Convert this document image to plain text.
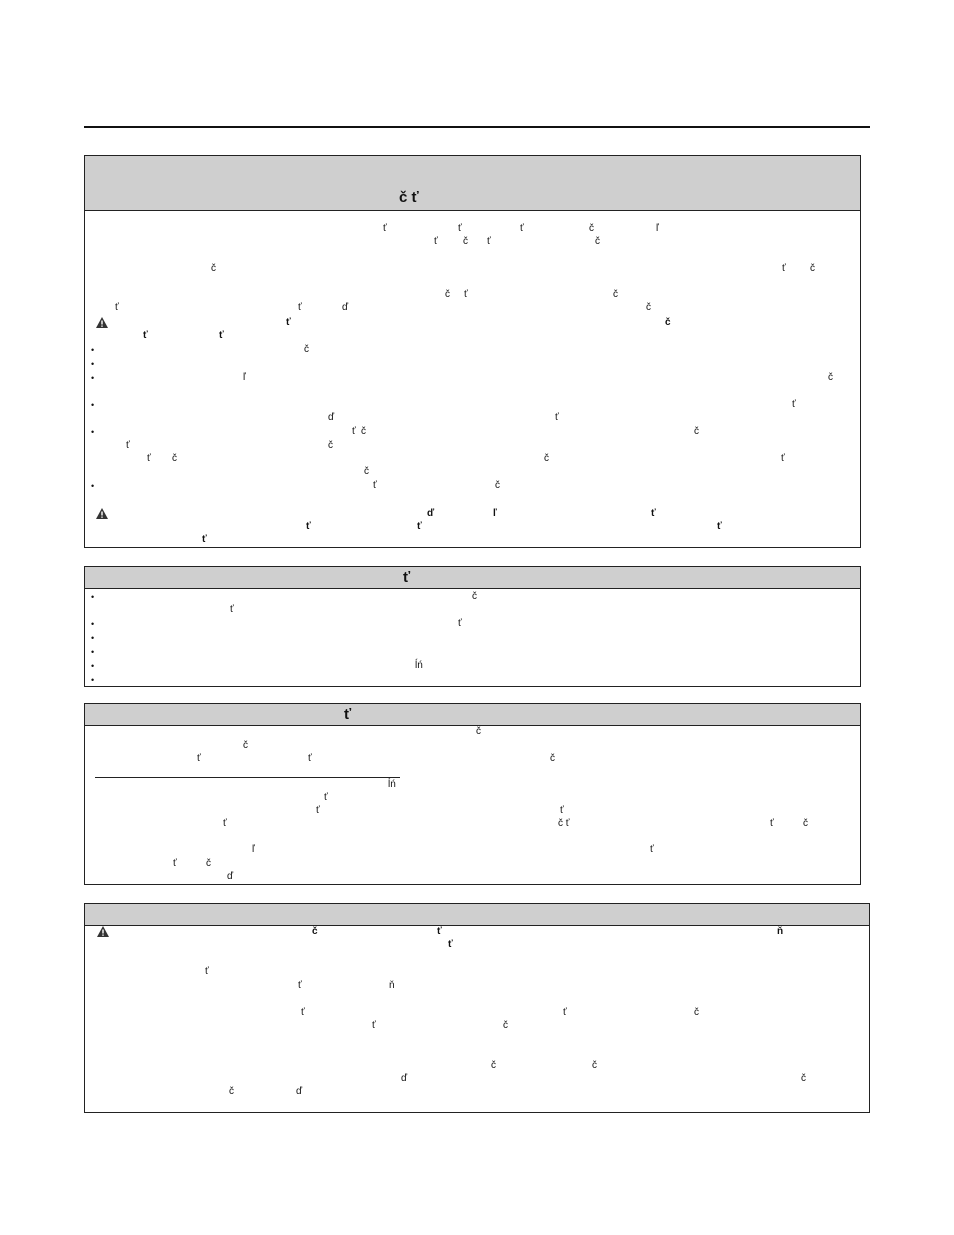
č ť
ť	ť	ť	č	ľ
ť	č ť	č
č	ť č
č ť	č
ť	ť	ď	č
ť	č
ť	ť
•	č
•
•	ľ	č
•	ť
ď	ť
•	ť č	č
ť	č
ť č	č	ť
č
•	ť	č
ď	ľ	ť
ť	ť	ť
ť
ť
•	č
ť
•	ť
•
•
•	ĺń
•
ť
č
č
ť	ť	č
ĺń
ť
ť	ť
ť	č ť	ť	č
ľ	ť
ť	č
ď
č	ť	ň
ť
ť
ť	ň
ť	ť	č
ť	č
č	č
ď	č
č	ď
